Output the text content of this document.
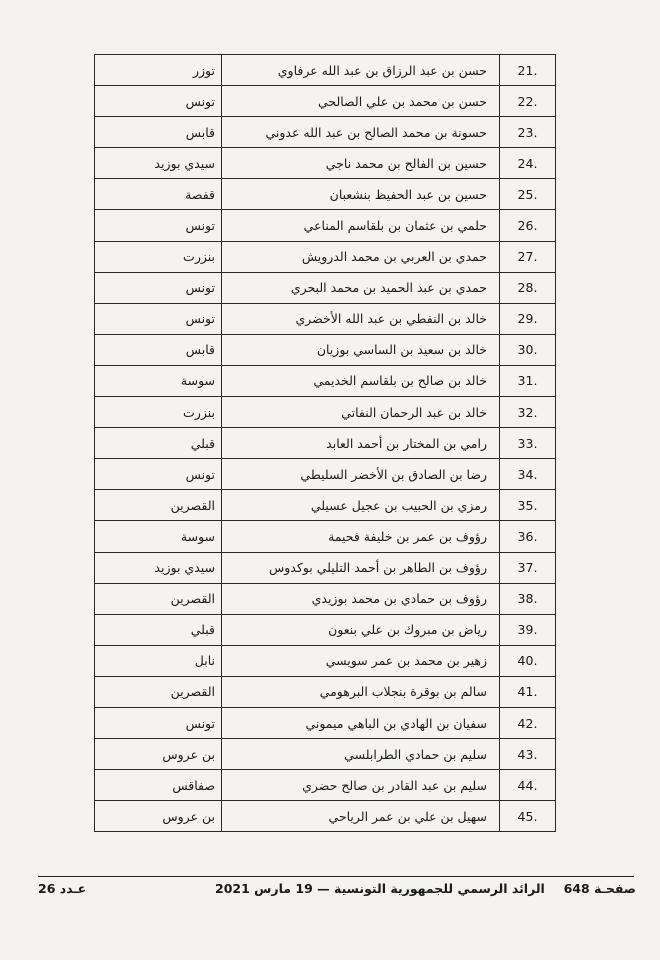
توزر	حسن بن عبد الرزاق بن عبد الله عرفاوي	21.
تونس	حسن بن محمد بن علي الصالحي	22.
قابس	حسونة بن محمد الصالح بن عبد الله عدوني	23.
سيدي بوزيد	حسين بن الفالح بن محمد ناجي	24.
قفصة	حسين بن عبد الحفيظ بنشعبان	25.
تونس	حلمي بن عثمان بن بلقاسم المناعي	26.
بنزرت	حمدي بن العربي بن محمد الدرويش	27.
تونس	حمدي بن عبد الحميد بن محمد البحري	28.
تونس	خالد بن النفطي بن عبد الله الأخضري	29.
قابس	خالد بن سعيد بن الساسي بوزيان	30.
سوسة	خالد بن صالح بن بلقاسم الخديمي	31.
بنزرت	خالد بن عبد الرحمان النفاتي	32.
قبلي	رامي بن المختار بن أحمد العابد	33.
تونس	رضا بن الصادق بن الأخضر السليطي	34.
القصرين	رمزي بن الحبيب بن عجيل عسيلي	35.
سوسة	رؤوف بن عمر بن خليفة فحيمة	36.
سيدي بوزيد	رؤوف بن الطاهر بن أحمد التليلي بوكدوس	37.
القصرين	رؤوف بن حمادي بن محمد بوزيدي	38.
قبلي	رياض بن مبروك بن علي بنعون	39.
نابل	زهير بن محمد بن عمر سويسي	40.
القصرين	سالم بن بوقرة بنجلاب البرهومي	41.
تونس	سفيان بن الهادي بن الباهي ميموني	42.
بن عروس	سليم بن حمادي الطرابلسي	43.
صفاقس	سليم بن عبد القادر بن صالح حضري	44.
بن عروس	سهيل بن علي بن عمر الرياحي	45.
صفحـة 648
الرائد الرسمي للجمهورية التونسية — 19 مارس 2021
عـدد 26
